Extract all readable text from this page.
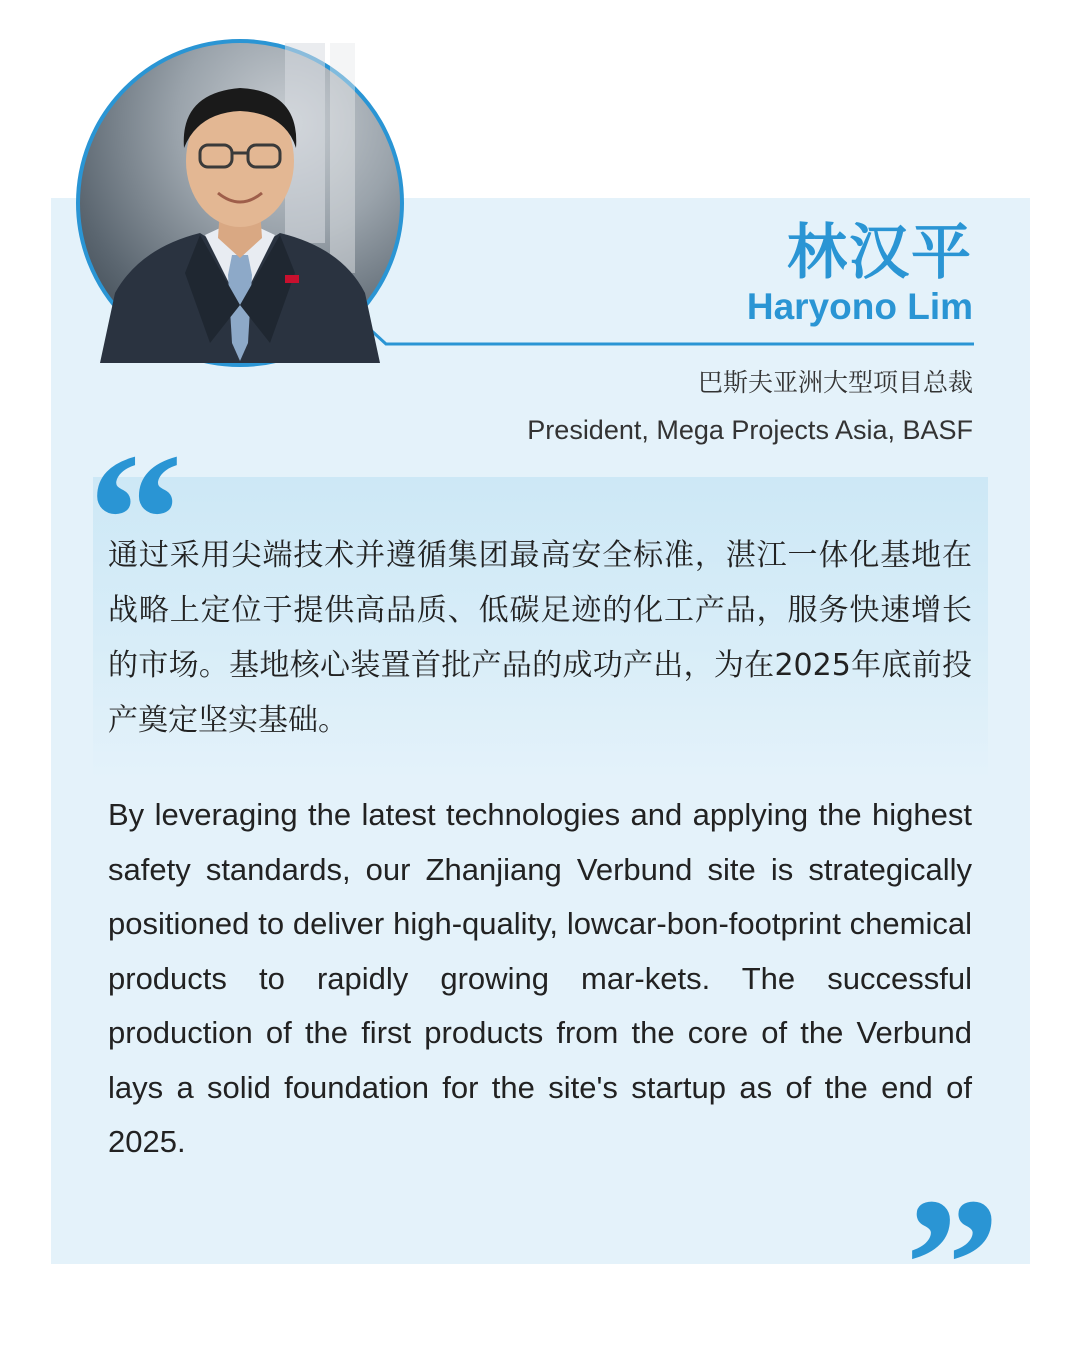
林汉平
Haryono Lim
巴斯夫亚洲大型项目总裁
President, Mega Projects Asia, BASF

通过采用尖端技术并遵循集团最高安全标准，湛江一体化基地在战略上定位于提供高品质、低碳足迹的化工产品，服务快速增长的市场。基地核心装置首批产品的成功产出，为在2025年底前投产奠定坚实基础。

By leveraging the latest technologies and applying the highest safety standards, our Zhanjiang Verbund site is strategically positioned to deliver high-quality, lowcar-bon-footprint chemical products to rapidly growing mar-kets. The successful production of the first products from the core of the Verbund lays a solid foundation for the site's startup as of the end of 2025.

”
